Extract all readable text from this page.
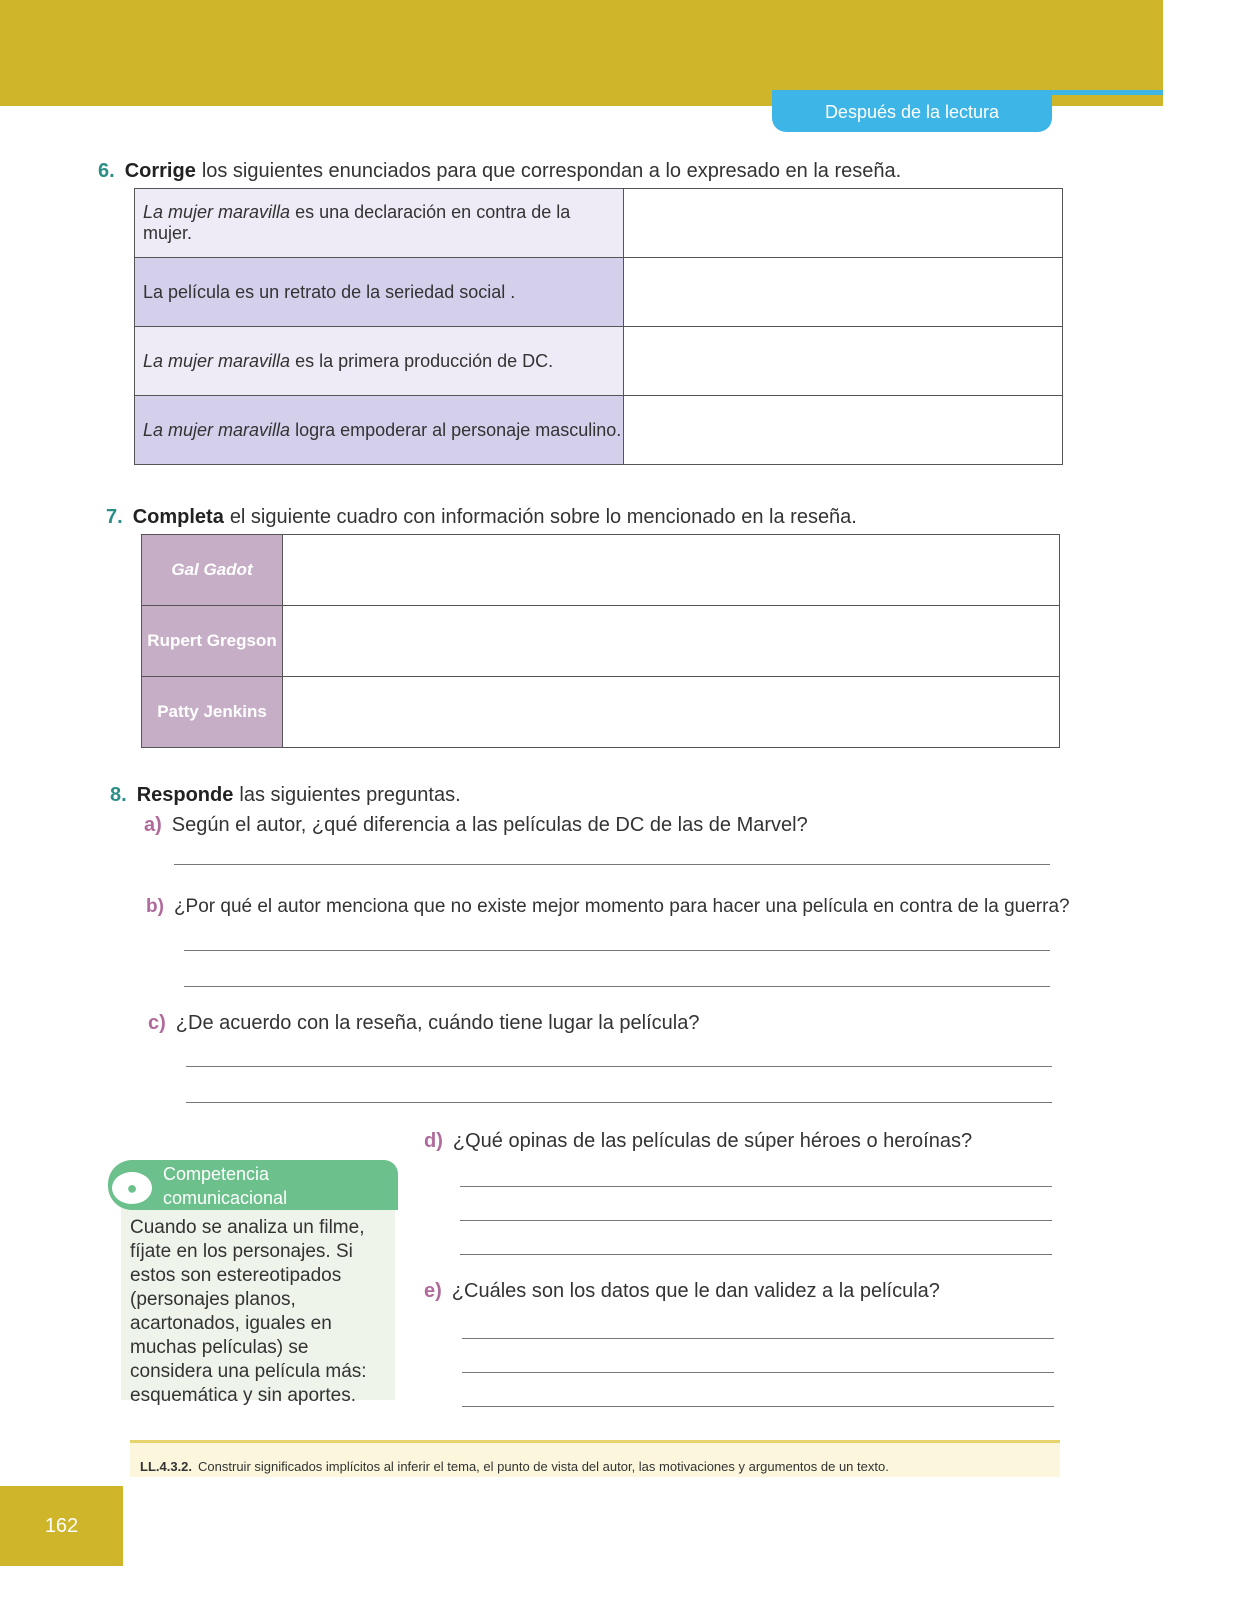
Después de la lectura
6. Corrige los siguientes enunciados para que correspondan a lo expresado en la reseña.
La mujer maravilla es una declaración en contra de la mujer.	
La película es un retrato de la seriedad social .	
La mujer maravilla es la primera producción de DC.	
La mujer maravilla logra empoderar al personaje masculino.	
7. Completa el siguiente cuadro con información sobre lo mencionado en la reseña.
Gal Gadot	
Rupert Gregson	
Patty Jenkins	
8. Responde las siguientes preguntas.
a) Según el autor, ¿qué diferencia a las películas de DC de las de Marvel?
b) ¿Por qué el autor menciona que no existe mejor momento para hacer una película en contra de la guerra?
c) ¿De acuerdo con la reseña, cuándo tiene lugar la película?
d) ¿Qué opinas de las películas de súper héroes o heroínas?
e) ¿Cuáles son los datos que le dan validez a la película?
●
Competencia
comunicacional
Cuando se analiza un filme, fíjate en los personajes. Si estos son estereotipados (personajes planos, acartonados, iguales en muchas películas) se considera una película más: esquemática y sin aportes.
LL.4.3.2. Construir significados implícitos al inferir el tema, el punto de vista del autor, las motivaciones y argumentos de un texto.
162
